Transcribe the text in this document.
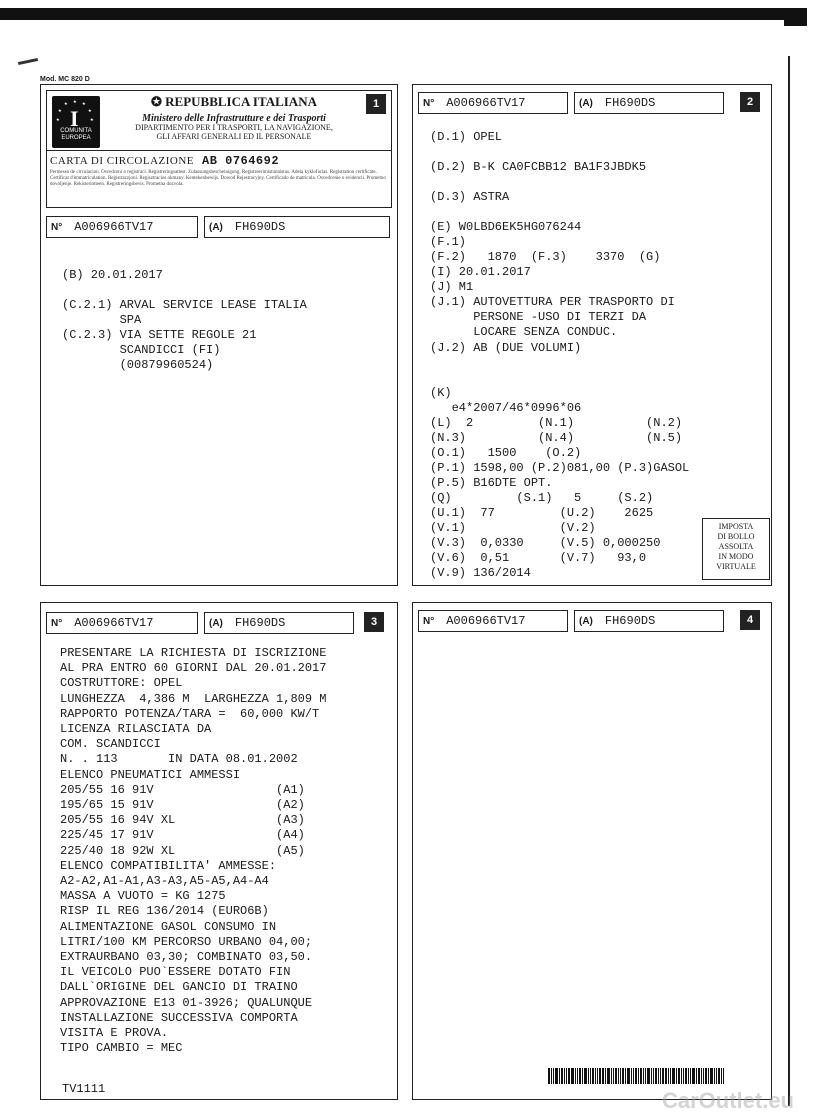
Mod. MC 820 D
I
★ ★
★
★
★
★
★
COMUNITA
EUROPEA
✪ REPUBBLICA ITALIANA
Ministero delle Infrastrutture e dei Trasporti
DIPARTIMENTO PER I TRASPORTI, LA NAVIGAZIONE,
GLI AFFARI GENERALI ED IL PERSONALE
1
CARTA DI CIRCOLAZIONE AB 0764692
Permesso de circulacion. Osvedceni o registraci. Registreringsattest. Zulassungsbescheinigung. Registreerimistunnistus. Adeia kykloforias. Registration certificate. Certificat d'immatriculation. Reġistrazzjoni. Regisztracios okmany. Kentekenbewijs. Dowod Rejestracyjny. Certificado de matricula. Osvedcenie o evidencii. Prometno dovoljenje. Rekisteriotteen. Registreringsbevis. Prometna dozvola.
N° A006966TV17	(A) FH690DS
(B) 20.01.2017
(C.2.1) ARVAL SERVICE LEASE ITALIA
SPA
(C.2.3) VIA SETTE REGOLE 21
SCANDICCI (FI)
(00879960524)
N° A006966TV17	(A) FH690DS	2
(D.1) OPEL
(D.2) B-K CA0FCBB12 BA1F3JBDK5
(D.3) ASTRA
(E) W0LBD6EK5HG076244
(F.1)
(F.2)   1870  (F.3)    3370  (G)
(I) 20.01.2017
(J) M1
(J.1) AUTOVETTURA PER TRASPORTO DI
PERSONE -USO DI TERZI DA
LOCARE SENZA CONDUC.
(J.2) AB (DUE VOLUMI)
(K)
e4*2007/46*0996*06
(L)  2         (N.1)          (N.2)
(N.3)          (N.4)          (N.5)
(O.1)   1500    (O.2)
(P.1) 1598,00 (P.2)081,00 (P.3)GASOL
(P.5) B16DTE OPT.
(Q)         (S.1)   5     (S.2)
(U.1)  77         (U.2)    2625
(V.1)             (V.2)
(V.3)  0,0330     (V.5) 0,000250
(V.6)  0,51       (V.7)   93,0
(V.9) 136/2014
IMPOSTA
DI BOLLO
ASSOLTA
IN MODO
VIRTUALE
N° A006966TV17	(A) FH690DS	3
PRESENTARE LA RICHIESTA DI ISCRIZIONE
AL PRA ENTRO 60 GIORNI DAL 20.01.2017
COSTRUTTORE: OPEL
LUNGHEZZA  4,386 M  LARGHEZZA 1,809 M
RAPPORTO POTENZA/TARA =  60,000 KW/T
LICENZA RILASCIATA DA
COM. SCANDICCI
N. . 113       IN DATA 08.01.2002
ELENCO PNEUMATICI AMMESSI
205/55 16 91V                 (A1)
195/65 15 91V                 (A2)
205/55 16 94V XL              (A3)
225/45 17 91V                 (A4)
225/40 18 92W XL              (A5)
ELENCO COMPATIBILITA' AMMESSE:
A2-A2,A1-A1,A3-A3,A5-A5,A4-A4
MASSA A VUOTO = KG 1275
RISP IL REG 136/2014 (EURO6B)
ALIMENTAZIONE GASOL CONSUMO IN
LITRI/100 KM PERCORSO URBANO 04,00;
EXTRAURBANO 03,30; COMBINATO 03,50.
IL VEICOLO PUO`ESSERE DOTATO FIN
DALL`ORIGINE DEL GANCIO DI TRAINO
APPROVAZIONE E13 01-3926; QUALUNQUE
INSTALLAZIONE SUCCESSIVA COMPORTA
VISITA E PROVA.
TIPO CAMBIO = MEC
TV1111
N° A006966TV17	(A) FH690DS	4
CarOutlet.eu
